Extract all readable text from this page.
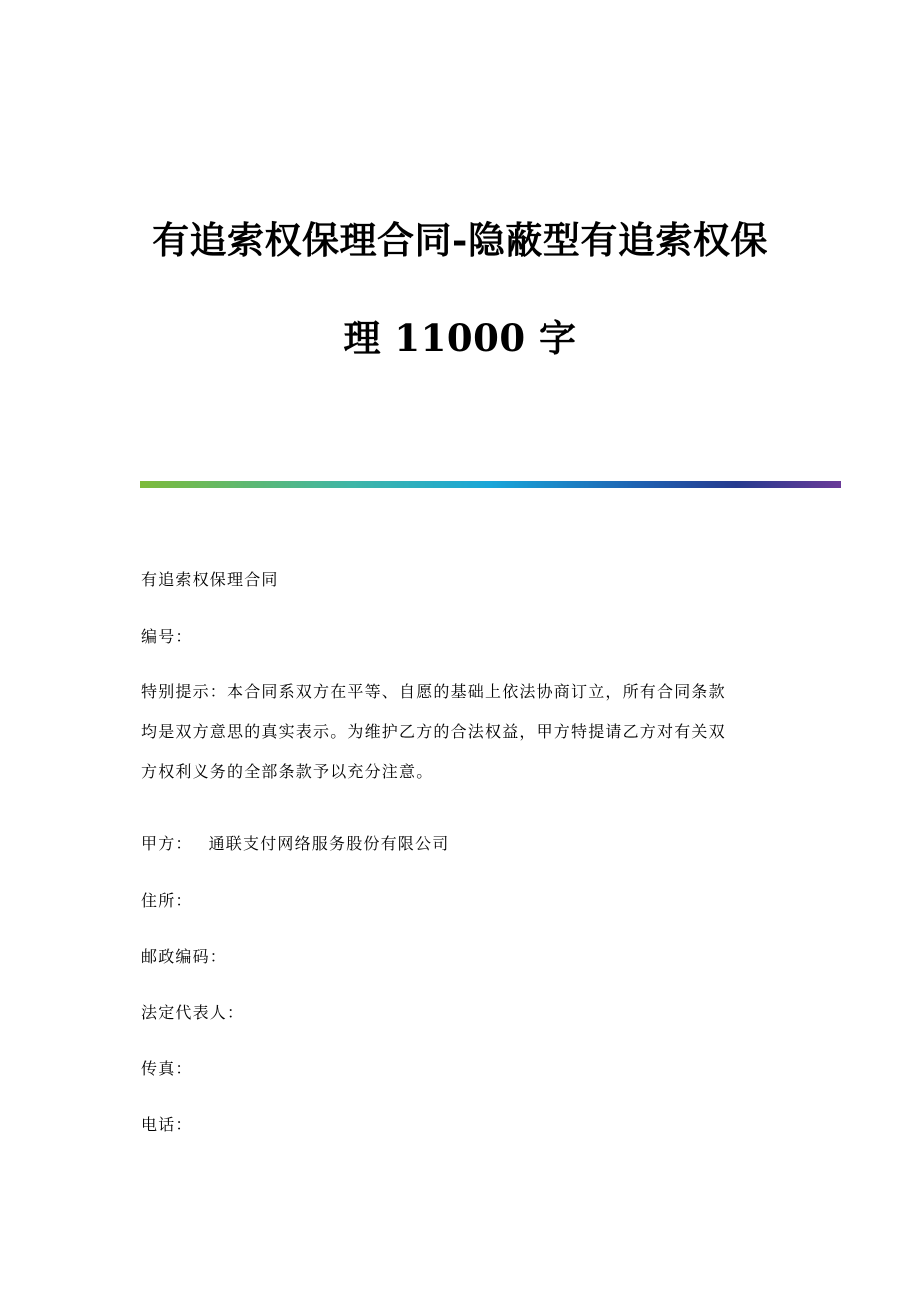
有追索权保理合同-隐蔽型有追索权保
理 11000 字

有追索权保理合同

编号：

特别提示：本合同系双方在平等、自愿的基础上依法协商订立，所有合同条款
均是双方意思的真实表示。为维护乙方的合法权益，甲方特提请乙方对有关双
方权利义务的全部条款予以充分注意。

甲方： 通联支付网络服务股份有限公司

住所：

邮政编码：

法定代表人：

传真：

电话：
